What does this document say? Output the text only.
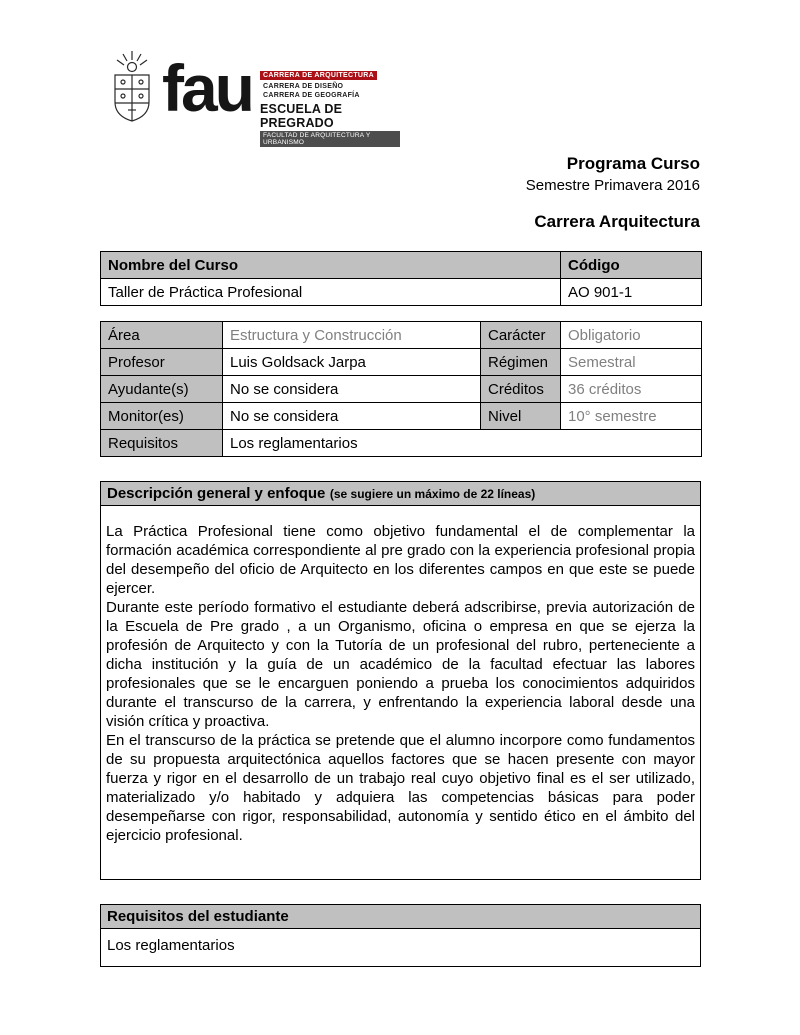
fau	CARRERA DE ARQUITECTURA
CARRERA DE DISEÑO
CARRERA DE GEOGRAFÍA
ESCUELA DE PREGRADO
FACULTAD DE ARQUITECTURA Y URBANISMO
Programa Curso
Semestre Primavera 2016
Carrera Arquitectura
Nombre del Curso	Código
Taller de Práctica Profesional	AO 901-1
Área	Estructura y Construcción	Carácter	Obligatorio
Profesor	Luis Goldsack Jarpa	Régimen	Semestral
Ayudante(s)	No se considera	Créditos	36 créditos
Monitor(es)	No se considera	Nivel	10° semestre
Requisitos	Los reglamentarios		
Descripción general y enfoque (se sugiere un máximo de 22 líneas)

La Práctica Profesional tiene como objetivo fundamental el de complementar la formación académica correspondiente al pre grado con la experiencia profesional propia del desempeño del oficio de Arquitecto en los diferentes campos en que este se puede ejercer.

Durante este período formativo el estudiante deberá adscribirse, previa autorización de la Escuela de Pre grado , a un Organismo, oficina o empresa en que se ejerza la profesión de Arquitecto y con la Tutoría de un profesional del rubro, perteneciente a dicha institución y la guía de un académico de la facultad efectuar las labores profesionales que se le encarguen poniendo a prueba los conocimientos adquiridos durante el transcurso de la carrera, y enfrentando la experiencia laboral desde una visión crítica y proactiva.

En el transcurso de la práctica se pretende que el alumno incorpore como fundamentos de su propuesta arquitectónica aquellos factores que se hacen presente con mayor fuerza y rigor en el desarrollo de un trabajo real cuyo objetivo final es el ser utilizado, materializado y/o habitado y adquiera las competencias básicas para poder desempeñarse con rigor, responsabilidad, autonomía y sentido ético en el ámbito del ejercicio profesional.

Requisitos del estudiante

Los reglamentarios
